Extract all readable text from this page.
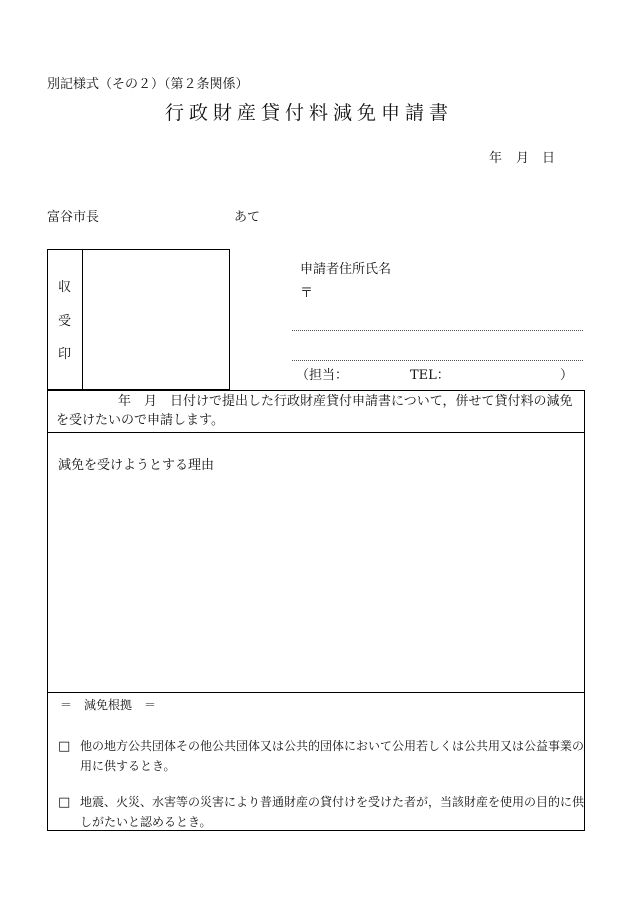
別記様式（その２）（第２条関係）
行政財産貸付料減免申請書
年 月 日
富谷市長	あて
収
受
印
申請者住所氏名
〒
（担当：	TEL：	）
年　月　日付けで提出した行政財産貸付申請書について，併せて貸付料の減免
を受けたいので申請します。
減免を受けようとする理由
＝　減免根拠　＝
□ 他の地方公共団体その他公共団体又は公共的団体において公用若しくは公共用又は公益事業の
用に供するとき。
□ 地震、火災、水害等の災害により普通財産の貸付けを受けた者が，当該財産を使用の目的に供
しがたいと認めるとき。
